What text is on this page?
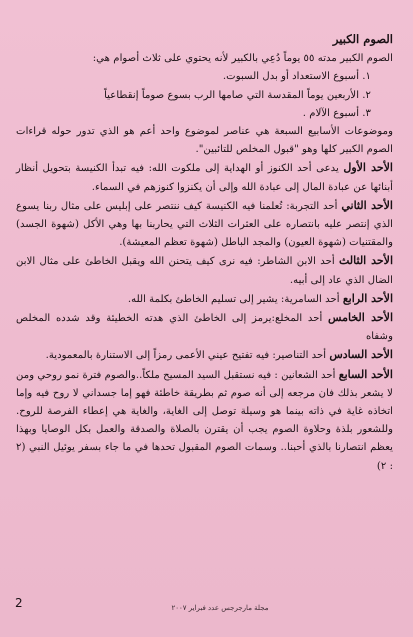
الصوم الكبير

الصوم الكبير مدته ٥٥ يوماً دُعِي بالكبير لأنه يحتوي على ثلاث أصوام هي:

١. أسبوع الاستعداد أو بدل السبوت.

٢. الأربعين يوماً المقدسة التي صامها الرب بسوع صوماً إنقطاعياً

٣. أسبوع الآلام .

وموضوعات الأسابيع السبعة هي عناصر لموضوع واحد أعم هو الذي تدور حوله قراءات الصوم الكبير كلها وهو "قبول المخلص للتائبين".

الأحد الأول يدعى أحد الكنوز أو الهداية إلى ملكوت الله: فيه تبدأ الكنيسة بتحويل أنظار أبنائها عن عبادة المال إلى عبادة الله وإلى أن يكنزوا كنوزهم في السماء.

الأحد الثاني أحد التجربة: تُعلمنا فيه الكنيسة كيف ننتصر على إبليس على مثال ربنا يسوع الذي إنتصر عليه بانتصاره على العثرات الثلاث التي يحاربنا بها وهي الأكل (شهوة الجسد) والمقتنيات (شهوة العيون) والمجد الباطل (شهوة تعظم المعيشة).

الأحد الثالث أحد الابن الشاطر: فيه نرى كيف يتحنن الله ويقبل الخاطئ على مثال الابن الضال الذي عاد إلى أبيه.

الأحد الرابع أحد السامرية: يشير إلى تسليم الخاطئ بكلمة الله.

الأحد الخامس أحد المخلع:يرمز إلى الخاطئ الذي هدته الخطيئة وقد شدده المخلص وشفاه

الأحد السادس أحد التناصير: فيه تفتيح عيني الأعمى رمزاً إلى الاستنارة بالمعمودية.

الأحد السابع أحد الشعانين : فيه نستقبل السيد المسيح ملكاً..والصوم فترة نمو روحي ومن لا يشعر بذلك فان مرجعه إلى أنه صوم ثم بطريقة خاطئة فهو إما جسداني لا روح فيه وإما اتخاذه غاية في ذاته بينما هو وسيلة توصل إلى الغاية، والغاية هي إعطاء الفرصة للروح. وللشعور بلذة وحلاوة الصوم يجب أن يقترن بالصلاة والصدقة والعمل بكل الوصايا وبهذا يعظم انتصارنا بالذي أحبنا.. وسمات الصوم المقبول تحدها في ما جاء بسفر يوئيل النبي (٢ : ٢)

مجلة مارجرجس عدد فبراير ٢٠٠٧
2
